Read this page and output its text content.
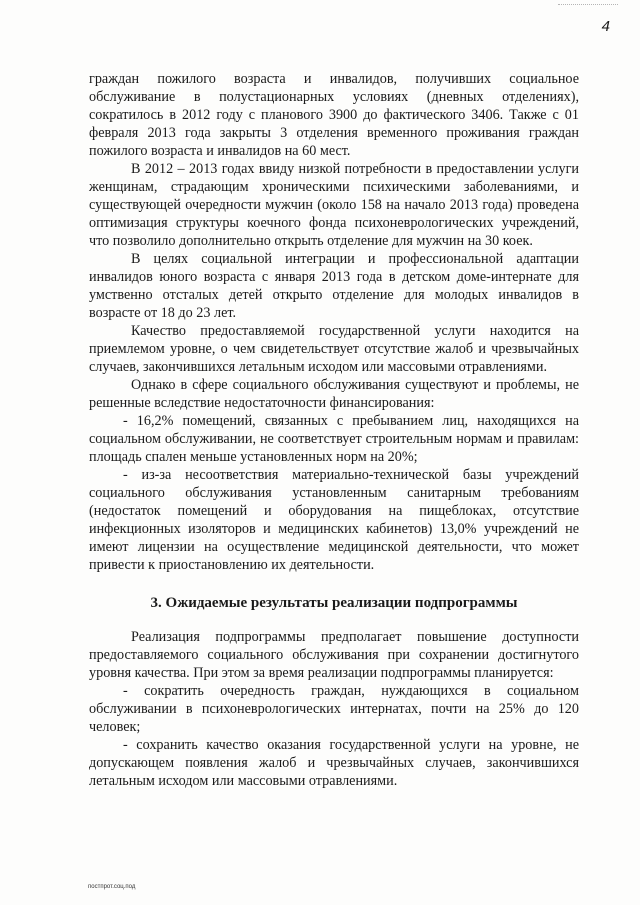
4

граждан пожилого возраста и инвалидов, получивших социальное обслуживание в полустационарных условиях (дневных отделениях), сократилось в 2012 году с планового 3900 до фактического 3406. Также с 01 февраля 2013 года закрыты 3 отделения временного проживания граждан пожилого возраста и инвалидов на 60 мест.

В 2012 – 2013 годах ввиду низкой потребности в предоставлении услуги женщинам, страдающим хроническими психическими заболеваниями, и существующей очередности мужчин (около 158 на начало 2013 года) проведена оптимизация структуры коечного фонда психоневрологических учреждений, что позволило дополнительно открыть отделение для мужчин на 30 коек.

В целях социальной интеграции и профессиональной адаптации инвалидов юного возраста с января 2013 года в детском доме-интернате для умственно отсталых детей открыто отделение для молодых инвалидов в возрасте от 18 до 23 лет.

Качество предоставляемой государственной услуги находится на приемлемом уровне, о чем свидетельствует отсутствие жалоб и чрезвычайных случаев, закончившихся летальным исходом или массовыми отравлениями.

Однако в сфере социального обслуживания существуют и проблемы, не решенные вследствие недостаточности финансирования:

- 16,2% помещений, связанных с пребыванием лиц, находящихся на социальном обслуживании, не соответствует строительным нормам и правилам: площадь спален меньше установленных норм на 20%;

- из-за несоответствия материально-технической базы учреждений социального обслуживания установленным санитарным требованиям (недостаток помещений и оборудования на пищеблоках, отсутствие инфекционных изоляторов и медицинских кабинетов) 13,0% учреждений не имеют лицензии на осуществление медицинской деятельности, что может привести к приостановлению их деятельности.

3. Ожидаемые результаты реализации подпрограммы

Реализация подпрограммы предполагает повышение доступности предоставляемого социального обслуживания при сохранении достигнутого уровня качества. При этом за время реализации подпрограммы планируется:

- сократить очередность граждан, нуждающихся в социальном обслуживании в психоневрологических интернатах, почти на 25% до 120 человек;

- сохранить качество оказания государственной услуги на уровне, не допускающем появления жалоб и чрезвычайных случаев, закончившихся летальным исходом или массовыми отравлениями.

постпрот.соц.под
